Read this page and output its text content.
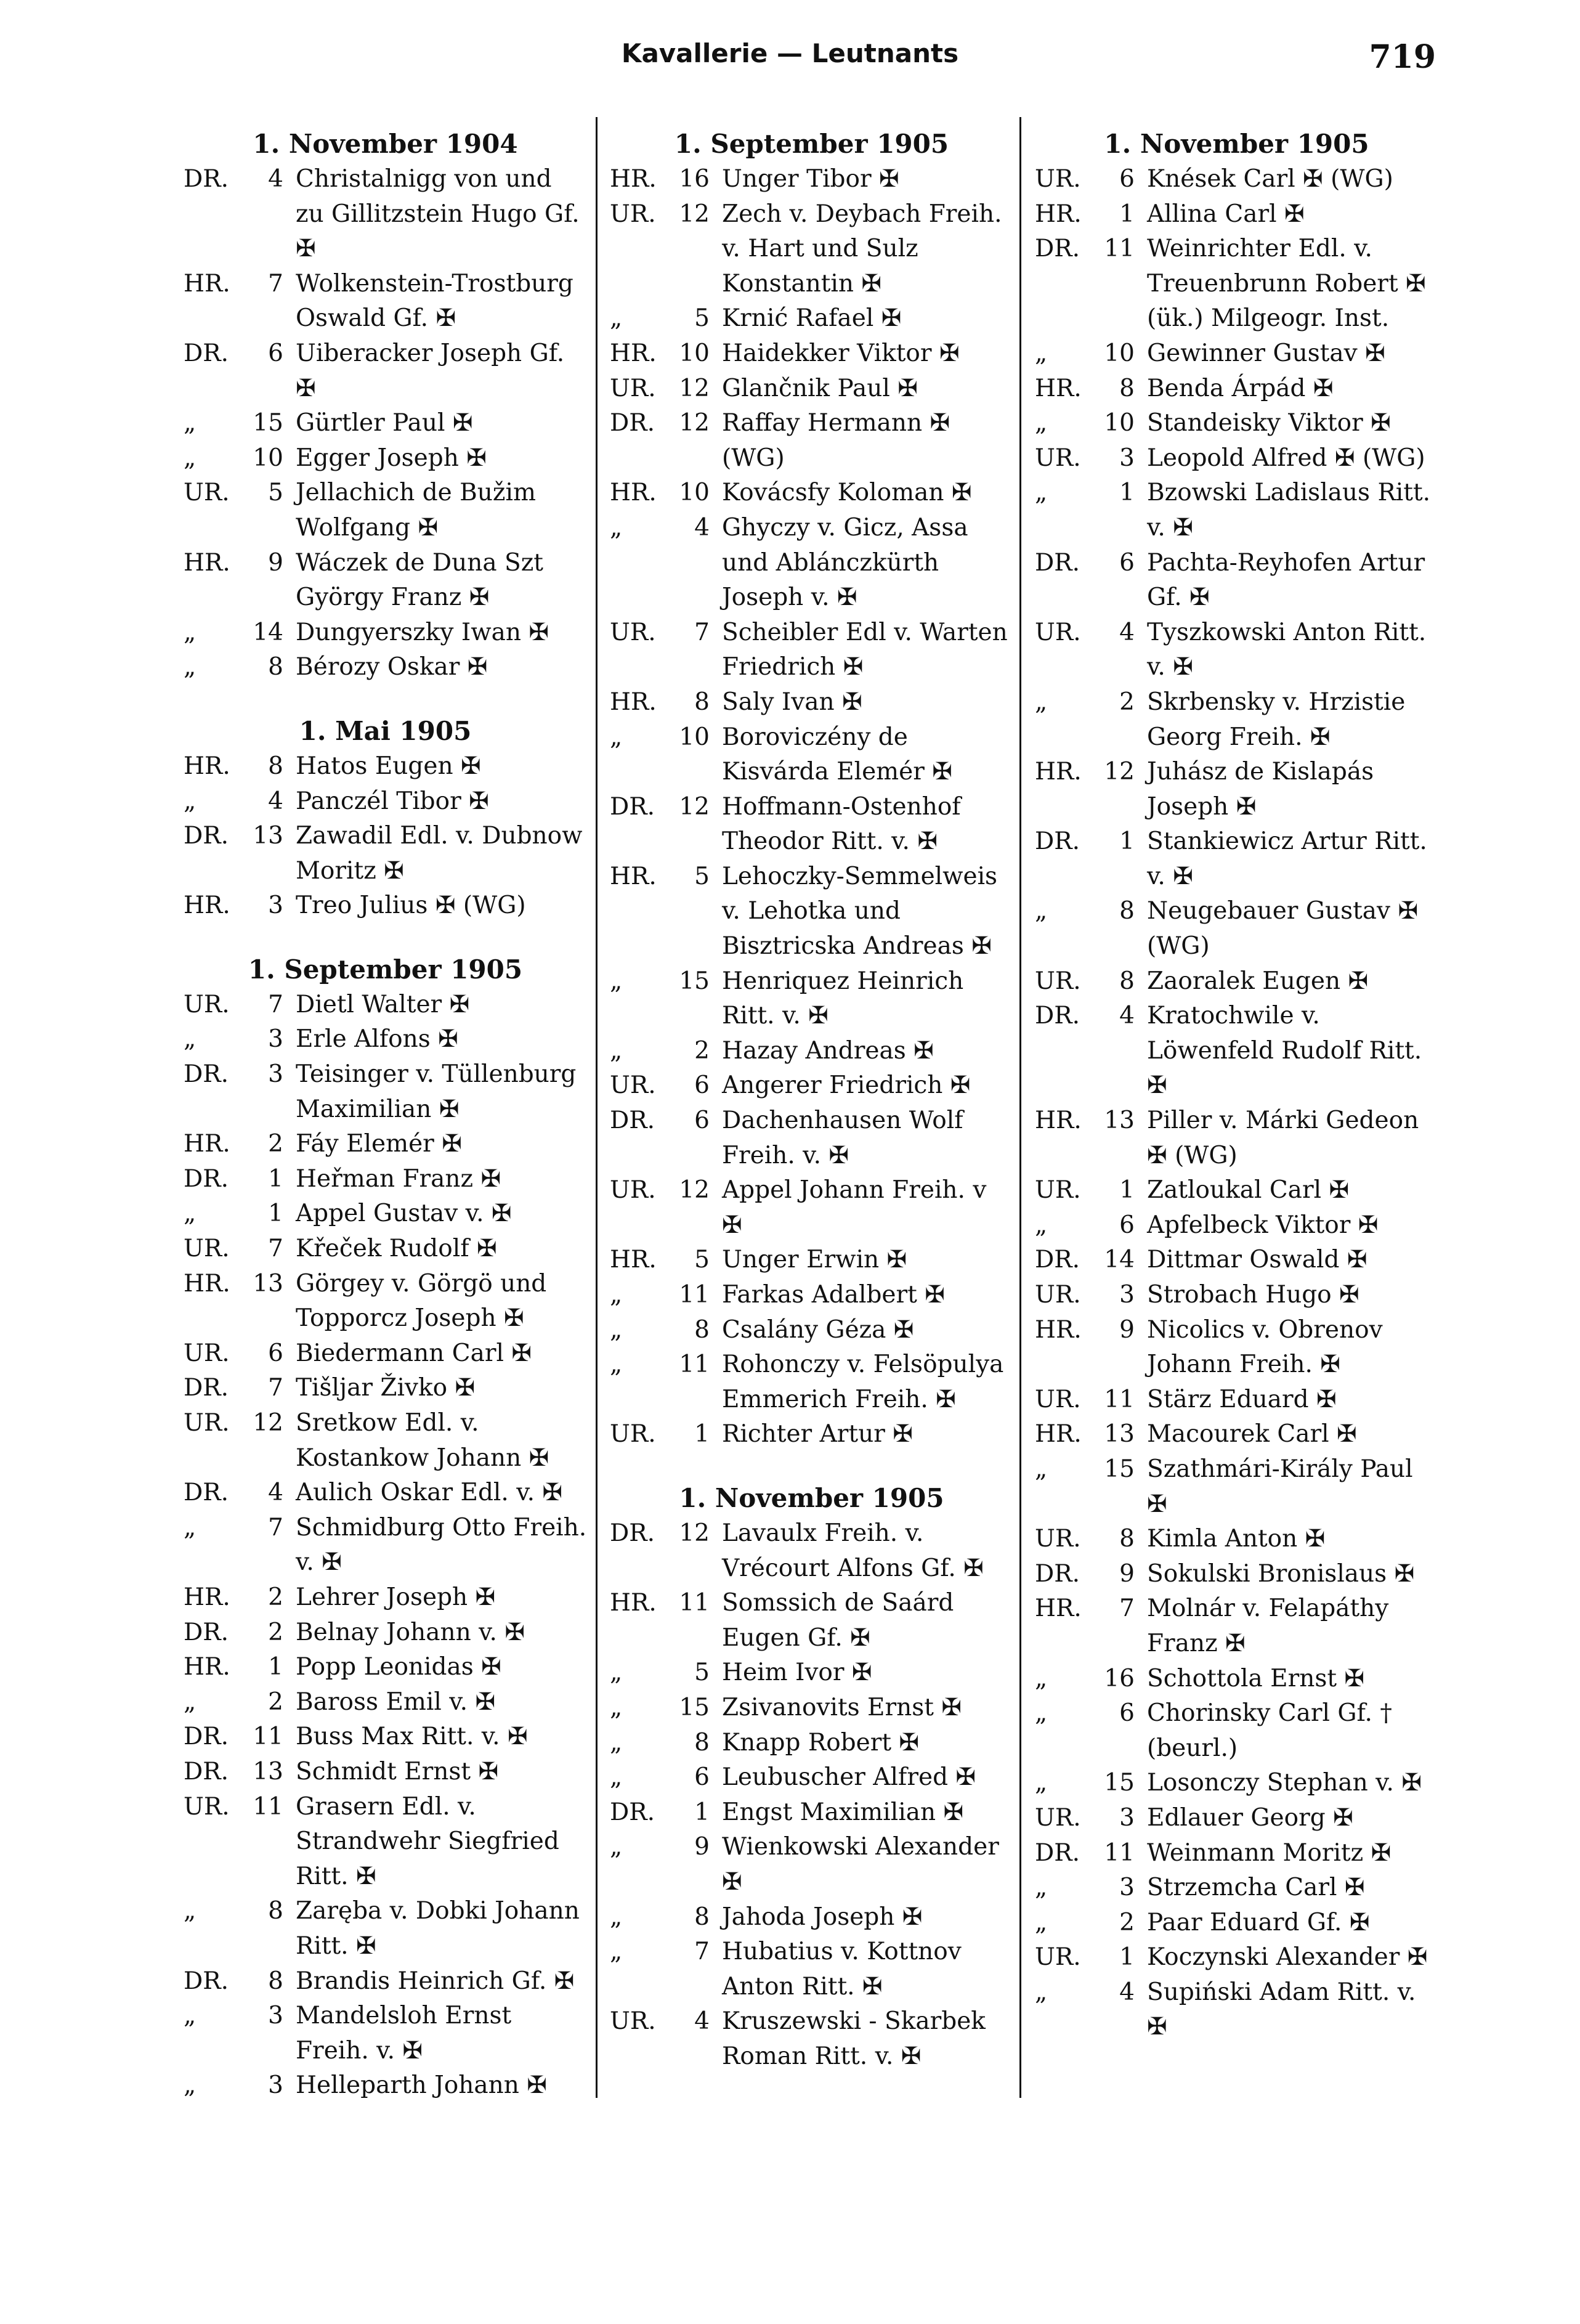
Kavallerie — Leutnants	719
1. November 1904
DR.	4 Christalnigg von und zu Gillitzstein Hugo Gf. ✠
HR.	7 Wolkenstein-Trostburg Oswald Gf. ✠
DR.	6 Uiberacker Joseph Gf. ✠
„	15 Gürtler Paul ✠
„	10 Egger Joseph ✠
UR.	5 Jellachich de Bužim Wolfgang ✠
HR.	9 Wáczek de Duna Szt György Franz ✠
„	14 Dungyerszky Iwan ✠
„	8 Bérozy Oskar ✠
1. Mai 1905
HR.	8 Hatos Eugen ✠
„	4 Panczél Tibor ✠
DR.	13 Zawadil Edl. v. Dubnow Moritz ✠
HR.	3 Treo Julius ✠ (WG)
1. September 1905
UR.	7 Dietl Walter ✠
„	3 Erle Alfons ✠
DR.	3 Teisinger v. Tüllenburg Maximilian ✠
HR.	2 Fáy Elemér ✠
DR.	1 Heřman Franz ✠
„	1 Appel Gustav v. ✠
UR.	7 Křeček Rudolf ✠
HR. 13 Görgey v. Görgö und Topporcz Joseph ✠
UR.	6 Biedermann Carl ✠
DR.	7 Tišljar Živko ✠
UR. 12 Sretkow Edl. v. Kostankow Johann ✠
DR.	4 Aulich Oskar Edl. v. ✠
„	7 Schmidburg Otto Freih. v. ✠
HR.	2 Lehrer Joseph ✠
DR.	2 Belnay Johann v. ✠
HR.	1 Popp Leonidas ✠
„	2 Baross Emil v. ✠
DR.	11 Buss Max Ritt. v. ✠
DR.	13 Schmidt Ernst ✠
UR. 11 Grasern Edl. v. Strandwehr Siegfried Ritt. ✠
„	8 Zaręba v. Dobki Johann Ritt. ✠
DR.	8 Brandis Heinrich Gf. ✠
„	3 Mandelsloh Ernst Freih. v. ✠
„	3 Helleparth Johann ✠
1. September 1905
HR. 16 Unger Tibor ✠
UR. 12 Zech v. Deybach Freih. v. Hart und Sulz Konstantin ✠
„	5 Krnić Rafael ✠
HR. 10 Haidekker Viktor ✠
UR. 12 Glančnik Paul ✠
DR.	12 Raffay Hermann ✠ (WG)
HR. 10 Kovácsfy Koloman ✠
„	4 Ghyczy v. Gicz, Assa und Ablánczkürth Joseph v. ✠
UR.	7 Scheibler Edl v. Warten Friedrich ✠
HR.	8 Saly Ivan ✠
„	10 Boroviczény de Kisvárda Elemér ✠
DR.	12 Hoffmann-Ostenhof Theodor Ritt. v. ✠
HR.	5 Lehoczky-Semmelweis v. Lehotka und Bisztricska Andreas ✠
„	15 Henriquez Heinrich Ritt. v. ✠
„	2 Hazay Andreas ✠
UR.	6 Angerer Friedrich ✠
DR.	6 Dachenhausen Wolf Freih. v. ✠
UR. 12 Appel Johann Freih. v ✠
HR.	5 Unger Erwin ✠
„	11 Farkas Adalbert ✠
„	8 Csalány Géza ✠
„	11 Rohonczy v. Felsöpulya Emmerich Freih. ✠
UR.	1 Richter Artur ✠
1. November 1905
DR.	12 Lavaulx Freih. v. Vrécourt Alfons Gf. ✠
HR. 11 Somssich de Saárd Eugen Gf. ✠
„	5 Heim Ivor ✠
„	15 Zsivanovits Ernst ✠
„	8 Knapp Robert ✠
„	6 Leubuscher Alfred ✠
DR.	1 Engst Maximilian ✠
„	9 Wienkowski Alexander ✠
„	8 Jahoda Joseph ✠
„	7 Hubatius v. Kottnov Anton Ritt. ✠
UR.	4 Kruszewski - Skarbek Roman Ritt. v. ✠
1. November 1905
UR.	6 Knések Carl ✠ (WG)
HR.	1 Allina Carl ✠
DR.	11 Weinrichter Edl. v. Treuenbrunn Robert ✠ (ük.) Milgeogr. Inst.
„	10 Gewinner Gustav ✠
HR.	8 Benda Árpád ✠
„	10 Standeisky Viktor ✠
UR.	3 Leopold Alfred ✠ (WG)
„	1 Bzowski Ladislaus Ritt. v. ✠
DR.	6 Pachta-Reyhofen Artur Gf. ✠
UR.	4 Tyszkowski Anton Ritt. v. ✠
„	2 Skrbensky v. Hrzistie Georg Freih. ✠
HR. 12 Juhász de Kislapás Joseph ✠
DR.	1 Stankiewicz Artur Ritt. v. ✠
„	8 Neugebauer Gustav ✠ (WG)
UR.	8 Zaoralek Eugen ✠
DR.	4 Kratochwile v. Löwenfeld Rudolf Ritt. ✠
HR. 13 Piller v. Márki Gedeon ✠ (WG)
UR.	1 Zatloukal Carl ✠
„	6 Apfelbeck Viktor ✠
DR.	14 Dittmar Oswald ✠
UR.	3 Strobach Hugo ✠
HR.	9 Nicolics v. Obrenov Johann Freih. ✠
UR. 11 Stärz Eduard ✠
HR. 13 Macourek Carl ✠
„	15 Szathmári-Király Paul ✠
UR.	8 Kimla Anton ✠
DR.	9 Sokulski Bronislaus ✠
HR.	7 Molnár v. Felapáthy Franz ✠
„	16 Schottola Ernst ✠
„	6 Chorinsky Carl Gf. † (beurl.)
„	15 Losonczy Stephan v. ✠
UR.	3 Edlauer Georg ✠
DR.	11 Weinmann Moritz ✠
„	3 Strzemcha Carl ✠
„	2 Paar Eduard Gf. ✠
UR.	1 Koczynski Alexander ✠
„	4 Supiński Adam Ritt. v. ✠
